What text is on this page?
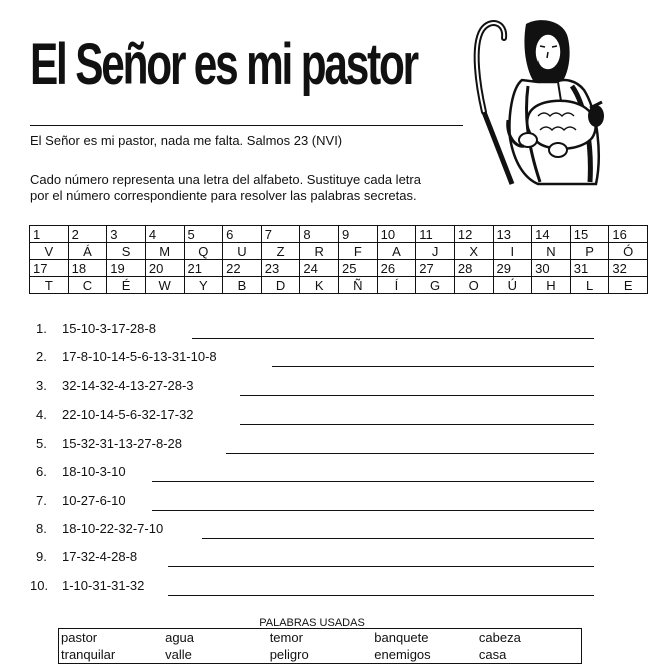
El Señor es mi pastor
El Señor es mi pastor, nada me falta. Salmos 23 (NVI)
Cado número representa una letra del alfabeto. Sustituye cada letra
por el número correspondiente para resolver las palabras secretas.
1	2	3	4	5	6	7	8	9	10	11	12	13	14	15	16
V	Á	S	M	Q	U	Z	R	F	A	J	X	I	N	P	Ó
17	18	19	20	21	22	23	24	25	26	27	28	29	30	31	32
T	C	É	W	Y	B	D	K	Ñ	Í	G	O	Ú	H	L	E
1.	15-10-3-17-28-8
2.	17-8-10-14-5-6-13-31-10-8
3.	32-14-32-4-13-27-28-3
4.	22-10-14-5-6-32-17-32
5.	15-32-31-13-27-8-28
6.	18-10-3-10
7.	10-27-6-10
8.	18-10-22-32-7-10
9.	17-32-4-28-8
10. 1-10-31-31-32
PALABRAS USADAS
pastor	agua	temor	banquete	cabeza
tranquilar	valle	peligro	enemigos	casa
